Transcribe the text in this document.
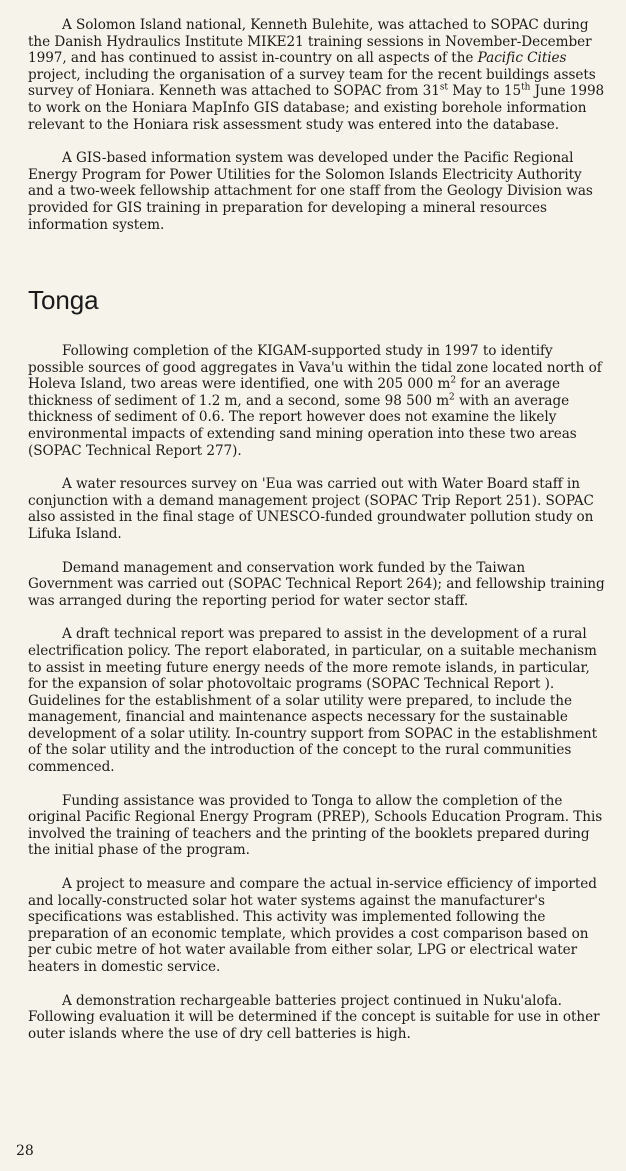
A Solomon Island national, Kenneth Bulehite, was attached to SOPAC during the Danish Hydraulics Institute MIKE21 training sessions in November-December 1997, and has continued to assist in-country on all aspects of the Pacific Cities project, including the organisation of a survey team for the recent buildings assets survey of Honiara. Kenneth was attached to SOPAC from 31st May to 15th June 1998 to work on the Honiara MapInfo GIS database; and existing borehole information relevant to the Honiara risk assessment study was entered into the database.

A GIS-based information system was developed under the Pacific Regional Energy Program for Power Utilities for the Solomon Islands Electricity Authority and a two-week fellowship attachment for one staff from the Geology Division was provided for GIS training in preparation for developing a mineral resources information system.

Tonga

Following completion of the KIGAM-supported study in 1997 to identify possible sources of good aggregates in Vava'u within the tidal zone located north of Holeva Island, two areas were identified, one with 205 000 $m^2$ for an average thickness of sediment of 1.2 m, and a second, some 98 500 $m^2$ with an average thickness of sediment of 0.6. The report however does not examine the likely environmental impacts of extending sand mining operation into these two areas (SOPAC Technical Report 277).

A water resources survey on 'Eua was carried out with Water Board staff in conjunction with a demand management project (SOPAC Trip Report 251). SOPAC also assisted in the final stage of UNESCO-funded groundwater pollution study on Lifuka Island.

Demand management and conservation work funded by the Taiwan Government was carried out (SOPAC Technical Report 264); and fellowship training was arranged during the reporting period for water sector staff.

A draft technical report was prepared to assist in the development of a rural electrification policy. The report elaborated, in particular, on a suitable mechanism to assist in meeting future energy needs of the more remote islands, in particular, for the expansion of solar photovoltaic programs (SOPAC Technical Report ). Guidelines for the establishment of a solar utility were prepared, to include the management, financial and maintenance aspects necessary for the sustainable development of a solar utility. In-country support from SOPAC in the establishment of the solar utility and the introduction of the concept to the rural communities commenced.

Funding assistance was provided to Tonga to allow the completion of the original Pacific Regional Energy Program (PREP), Schools Education Program. This involved the training of teachers and the printing of the booklets prepared during the initial phase of the program.

A project to measure and compare the actual in-service efficiency of imported and locally-constructed solar hot water systems against the manufacturer's specifications was established. This activity was implemented following the preparation of an economic template, which provides a cost comparison based on per cubic metre of hot water available from either solar, LPG or electrical water heaters in domestic service.

A demonstration rechargeable batteries project continued in Nuku'alofa. Following evaluation it will be determined if the concept is suitable for use in other outer islands where the use of dry cell batteries is high.

28
